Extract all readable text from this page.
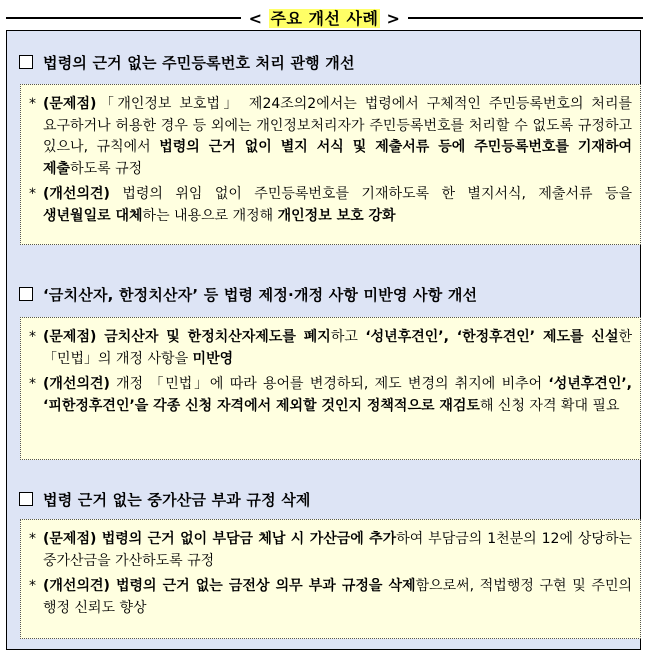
< 주요 개선 사례 >
법령의 근거 없는 주민등록번호 처리 관행 개선
* (문제점)「개인정보 보호법」 제24조의2에서는 법령에서 구체적인 주민등록번호의 처리를 요구하거나 허용한 경우 등 외에는 개인정보처리자가 주민등록번호를 처리할 수 없도록 규정하고 있으나, 규칙에서 법령의 근거 없이 별지 서식 및 제출서류 등에 주민등록번호를 기재하여 제출하도록 규정
* (개선의견) 법령의 위임 없이 주민등록번호를 기재하도록 한 별지서식, 제출서류 등을 생년월일로 대체하는 내용으로 개정해 개인정보 보호 강화
‘금치산자, 한정치산자’ 등 법령 제정·개정 사항 미반영 사항 개선
* (문제점) 금치산자 및 한정치산자제도를 폐지하고 ‘성년후견인’, ‘한정후견인’ 제도를 신설한 「민법」의 개정 사항을 미반영
* (개선의견) 개정 「민법」에 따라 용어를 변경하되, 제도 변경의 취지에 비추어 ‘성년후견인’, ‘피한정후견인’을 각종 신청 자격에서 제외할 것인지 정책적으로 재검토해 신청 자격 확대 필요
법령 근거 없는 중가산금 부과 규정 삭제
* (문제점) 법령의 근거 없이 부담금 체납 시 가산금에 추가하여 부담금의 1천분의 12에 상당하는 중가산금을 가산하도록 규정
* (개선의견) 법령의 근거 없는 금전상 의무 부과 규정을 삭제함으로써, 적법행정 구현 및 주민의 행정 신뢰도 향상
